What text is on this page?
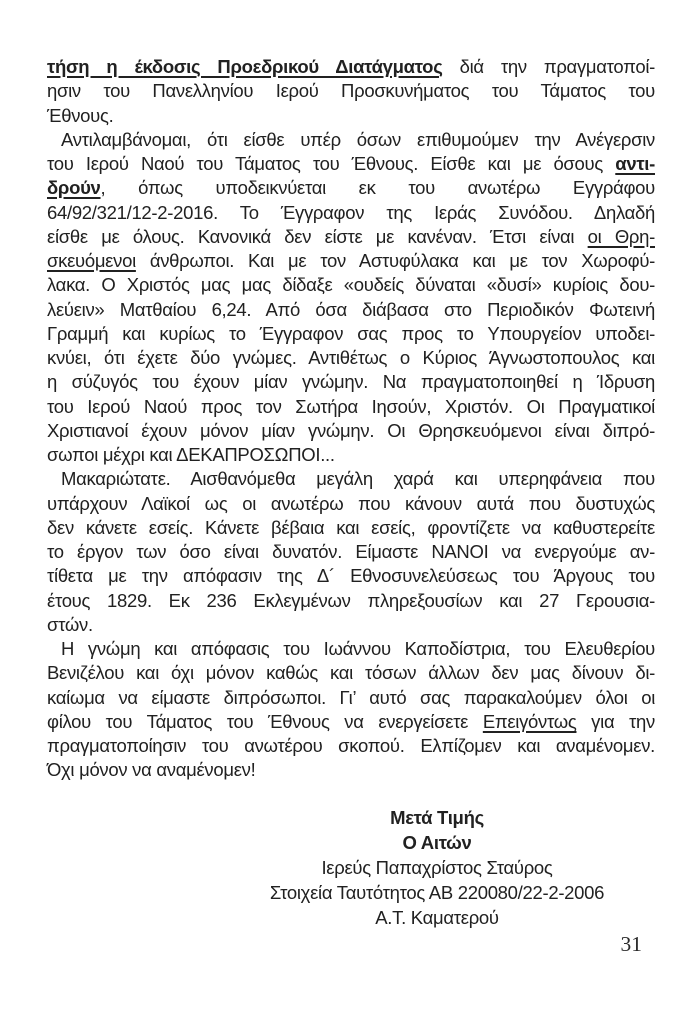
τήση η έκδοσις Προεδρικού Διατάγματος διά την πραγματοποί-
ησιν του Πανελληνίου Ιερού Προσκυνήματος του Τάματος του
Έθνους.
Αντιλαμβάνομαι, ότι είσθε υπέρ όσων επιθυμούμεν την Ανέγερσιν
του Ιερού Ναού του Τάματος του Έθνους. Είσθε και με όσους αντι-
δρούν, όπως υποδεικνύεται εκ του ανωτέρω Εγγράφου
64/92/321/12-2-2016. Το Έγγραφον της Ιεράς Συνόδου. Δηλαδή
είσθε με όλους. Κανονικά δεν είστε με κανέναν. Έτσι είναι οι Θρη-
σκευόμενοι άνθρωποι. Και με τον Αστυφύλακα και με τον Χωροφύ-
λακα. Ο Χριστός μας μας δίδαξε «ουδείς δύναται «δυσί» κυρίοις δου-
λεύειν» Ματθαίου 6,24. Από όσα διάβασα στο Περιοδικόν Φωτεινή
Γραμμή και κυρίως το Έγγραφον σας προς το Υπουργείον υποδει-
κνύει, ότι έχετε δύο γνώμες. Αντιθέτως ο Κύριος Άγνωστοπουλος και
η σύζυγός του έχουν μίαν γνώμην. Να πραγματοποιηθεί η Ίδρυση
του Ιερού Ναού προς τον Σωτήρα Ιησούν, Χριστόν. Οι Πραγματικοί
Χριστιανοί έχουν μόνον μίαν γνώμην. Οι Θρησκευόμενοι είναι διπρό-
σωποι μέχρι και ΔΕΚΑΠΡΟΣΩΠΟΙ...
Μακαριώτατε. Αισθανόμεθα μεγάλη χαρά και υπερηφάνεια που
υπάρχουν Λαϊκοί ως οι ανωτέρω που κάνουν αυτά που δυστυχώς
δεν κάνετε εσείς. Κάνετε βέβαια και εσείς, φροντίζετε να καθυστερείτε
το έργον των όσο είναι δυνατόν. Είμαστε ΝΑΝΟΙ να ενεργούμε αν-
τίθετα με την απόφασιν της Δ´ Εθνοσυνελεύσεως του Άργους του
έτους 1829. Εκ 236 Εκλεγμένων πληρεξουσίων και 27 Γερουσια-
στών.
Η γνώμη και απόφασις του Ιωάννου Καποδίστρια, του Ελευθερίου
Βενιζέλου και όχι μόνον καθώς και τόσων άλλων δεν μας δίνουν δι-
καίωμα να είμαστε διπρόσωποι. Γι’ αυτό σας παρακαλούμεν όλοι οι
φίλου του Τάματος του Έθνους να ενεργείσετε Επειγόντως για την
πραγματοποίησιν του ανωτέρου σκοπού. Ελπίζομεν και αναμένομεν.
Όχι μόνον να αναμένομεν!
Μετά Τιμής
Ο Αιτών
Ιερεύς Παπαχρίστος Σταύρος
Στοιχεία Ταυτότητος ΑΒ 220080/22-2-2006
Α.Τ. Καματερού
31
